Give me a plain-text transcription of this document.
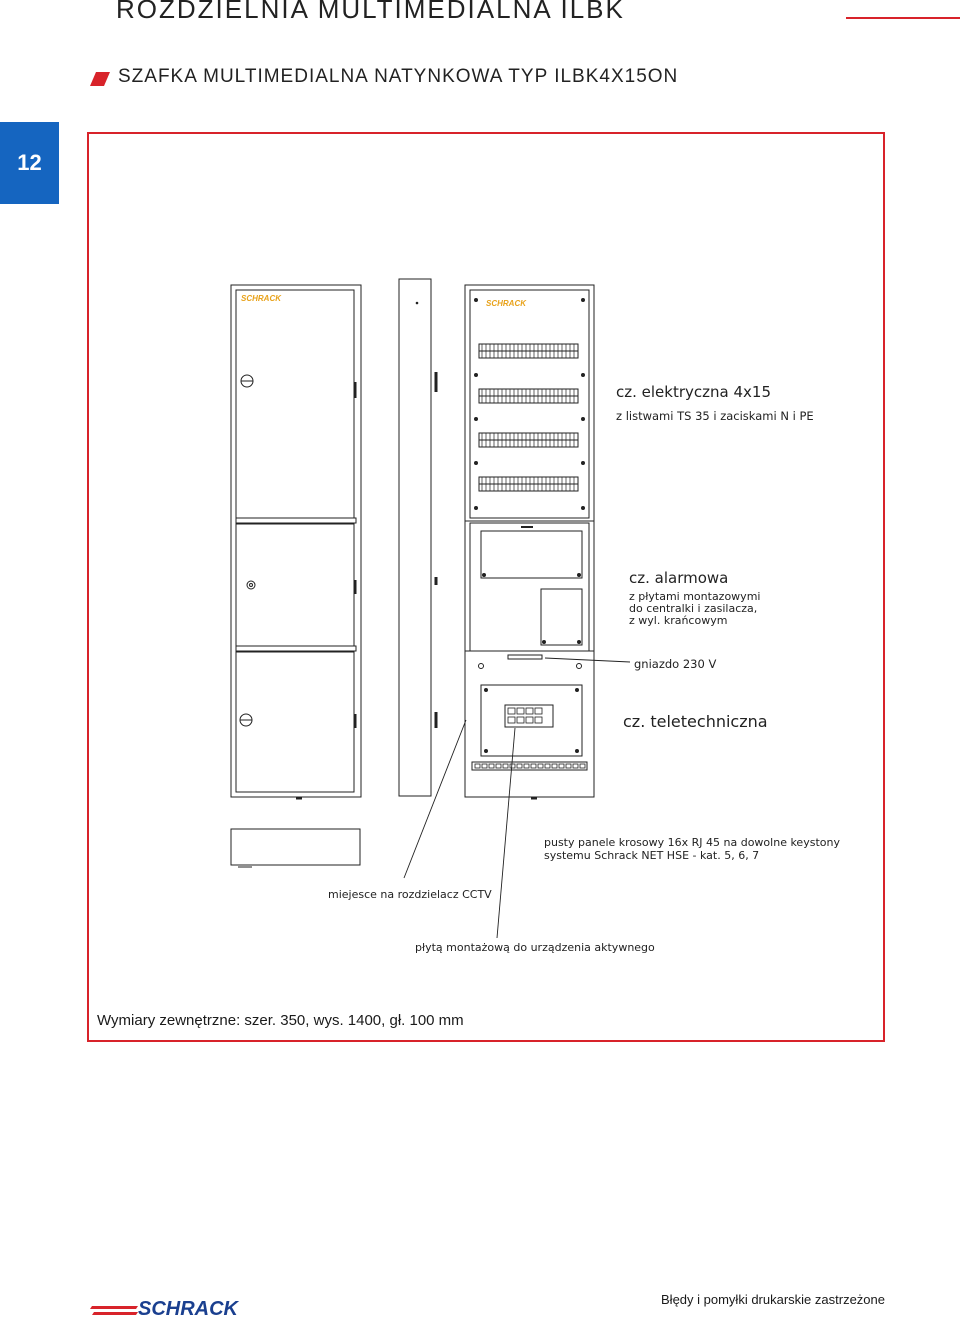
ROZDZIELNIA MULTIMEDIALNA ILBK
SZAFKA MULTIMEDIALNA NATYNKOWA TYP ILBK4X15ON
12
SCHRACK
SCHRACK
cz. elektryczna 4x15
z listwami TS 35 i zaciskami N i PE
cz. alarmowa
z płytami montazowymi
do centralki i zasilacza,
z wyl. krańcowym
gniazdo 230 V
cz. teletechniczna
pusty panele krosowy 16x RJ 45 na dowolne keystony
systemu Schrack NET HSE - kat. 5, 6, 7
miejesce na rozdzielacz CCTV
płytą montażową do urządzenia aktywnego
Wymiary zewnętrzne: szer. 350, wys. 1400, gł. 100 mm
SCHRACK	Błędy i pomyłki drukarskie zastrzeżone
